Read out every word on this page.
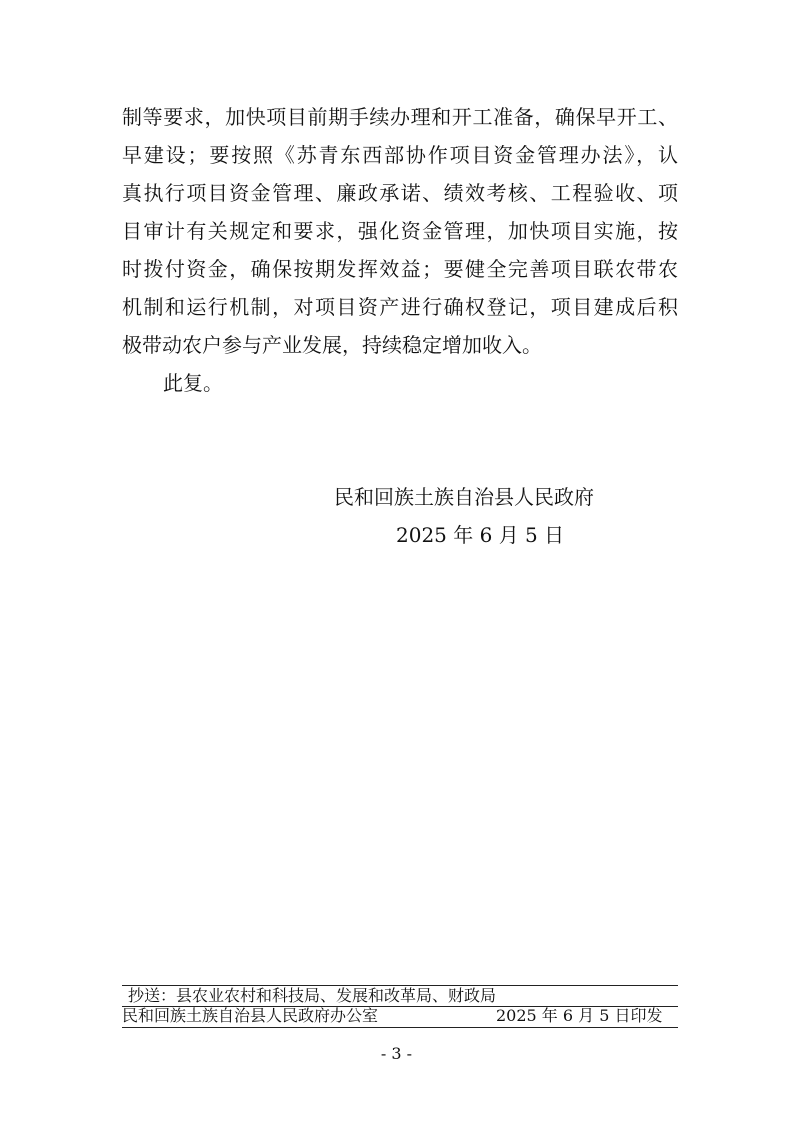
制等要求，加快项目前期手续办理和开工准备，确保早开工、
早建设；要按照《苏青东西部协作项目资金管理办法》，认
真执行项目资金管理、廉政承诺、绩效考核、工程验收、项
目审计有关规定和要求，强化资金管理，加快项目实施，按
时拨付资金，确保按期发挥效益；要健全完善项目联农带农
机制和运行机制，对项目资产进行确权登记，项目建成后积
极带动农户参与产业发展，持续稳定增加收入。
此复。
民和回族土族自治县人民政府
2025 年 6 月 5 日
抄送：县农业农村和科技局、发展和改革局、财政局
民和回族土族自治县人民政府办公室	2025 年 6 月 5 日印发
- 3 -
